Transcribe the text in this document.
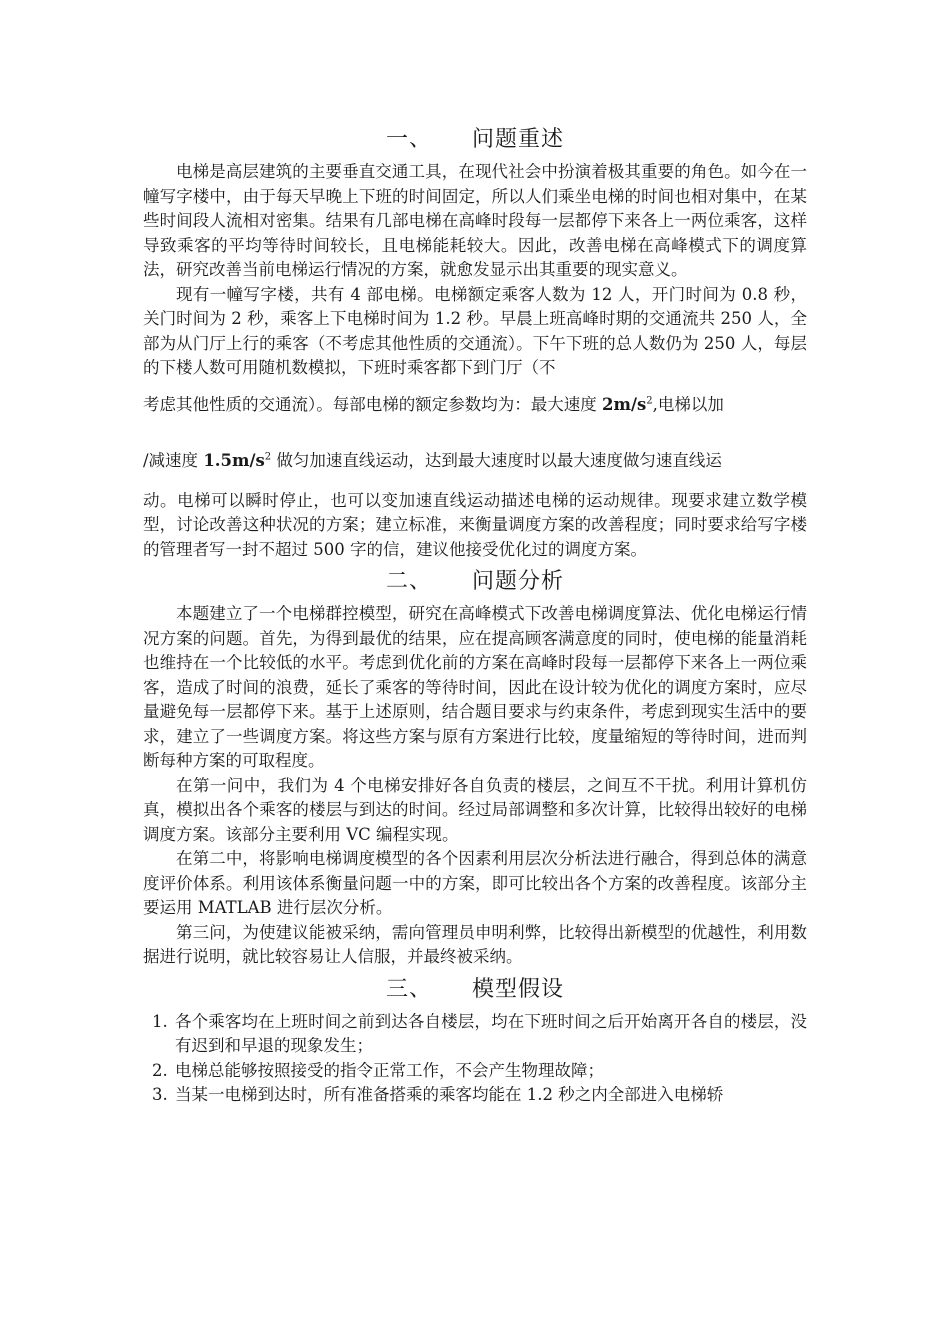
一、 问题重述

电梯是高层建筑的主要垂直交通工具，在现代社会中扮演着极其重要的角色。如今在一幢写字楼中，由于每天早晚上下班的时间固定，所以人们乘坐电梯的时间也相对集中，在某些时间段人流相对密集。结果有几部电梯在高峰时段每一层都停下来各上一两位乘客，这样导致乘客的平均等待时间较长，且电梯能耗较大。因此，改善电梯在高峰模式下的调度算法，研究改善当前电梯运行情况的方案，就愈发显示出其重要的现实意义。

现有一幢写字楼，共有 4 部电梯。电梯额定乘客人数为 12 人，开门时间为 0.8 秒，关门时间为 2 秒，乘客上下电梯时间为 1.2 秒。早晨上班高峰时期的交通流共 250 人，全部为从门厅上行的乘客（不考虑其他性质的交通流）。下午下班的总人数仍为 250 人，每层的下楼人数可用随机数模拟，下班时乘客都下到门厅（不

考虑其他性质的交通流）。每部电梯的额定参数均为：最大速度 $2m/s^2$,电梯以加

/减速度 $1.5m/s^2$ 做匀加速直线运动，达到最大速度时以最大速度做匀速直线运

动。电梯可以瞬时停止，也可以变加速直线运动描述电梯的运动规律。现要求建立数学模型，讨论改善这种状况的方案；建立标准，来衡量调度方案的改善程度；同时要求给写字楼的管理者写一封不超过 500 字的信，建议他接受优化过的调度方案。

二、 问题分析

本题建立了一个电梯群控模型，研究在高峰模式下改善电梯调度算法、优化电梯运行情况方案的问题。首先，为得到最优的结果，应在提高顾客满意度的同时，使电梯的能量消耗也维持在一个比较低的水平。考虑到优化前的方案在高峰时段每一层都停下来各上一两位乘客，造成了时间的浪费，延长了乘客的等待时间，因此在设计较为优化的调度方案时，应尽量避免每一层都停下来。基于上述原则，结合题目要求与约束条件，考虑到现实生活中的要求，建立了一些调度方案。将这些方案与原有方案进行比较，度量缩短的等待时间，进而判断每种方案的可取程度。

在第一问中，我们为 4 个电梯安排好各自负责的楼层，之间互不干扰。利用计算机仿真，模拟出各个乘客的楼层与到达的时间。经过局部调整和多次计算，比较得出较好的电梯调度方案。该部分主要利用 VC 编程实现。

在第二中，将影响电梯调度模型的各个因素利用层次分析法进行融合，得到总体的满意度评价体系。利用该体系衡量问题一中的方案，即可比较出各个方案的改善程度。该部分主要运用 MATLAB 进行层次分析。

第三问，为使建议能被采纳，需向管理员申明利弊，比较得出新模型的优越性，利用数据进行说明，就比较容易让人信服，并最终被采纳。

三、 模型假设
1. 各个乘客均在上班时间之前到达各自楼层，均在下班时间之后开始离开各自的楼层，没有迟到和早退的现象发生；
2. 电梯总能够按照接受的指令正常工作，不会产生物理故障；
3. 当某一电梯到达时，所有准备搭乘的乘客均能在 1.2 秒之内全部进入电梯轿
